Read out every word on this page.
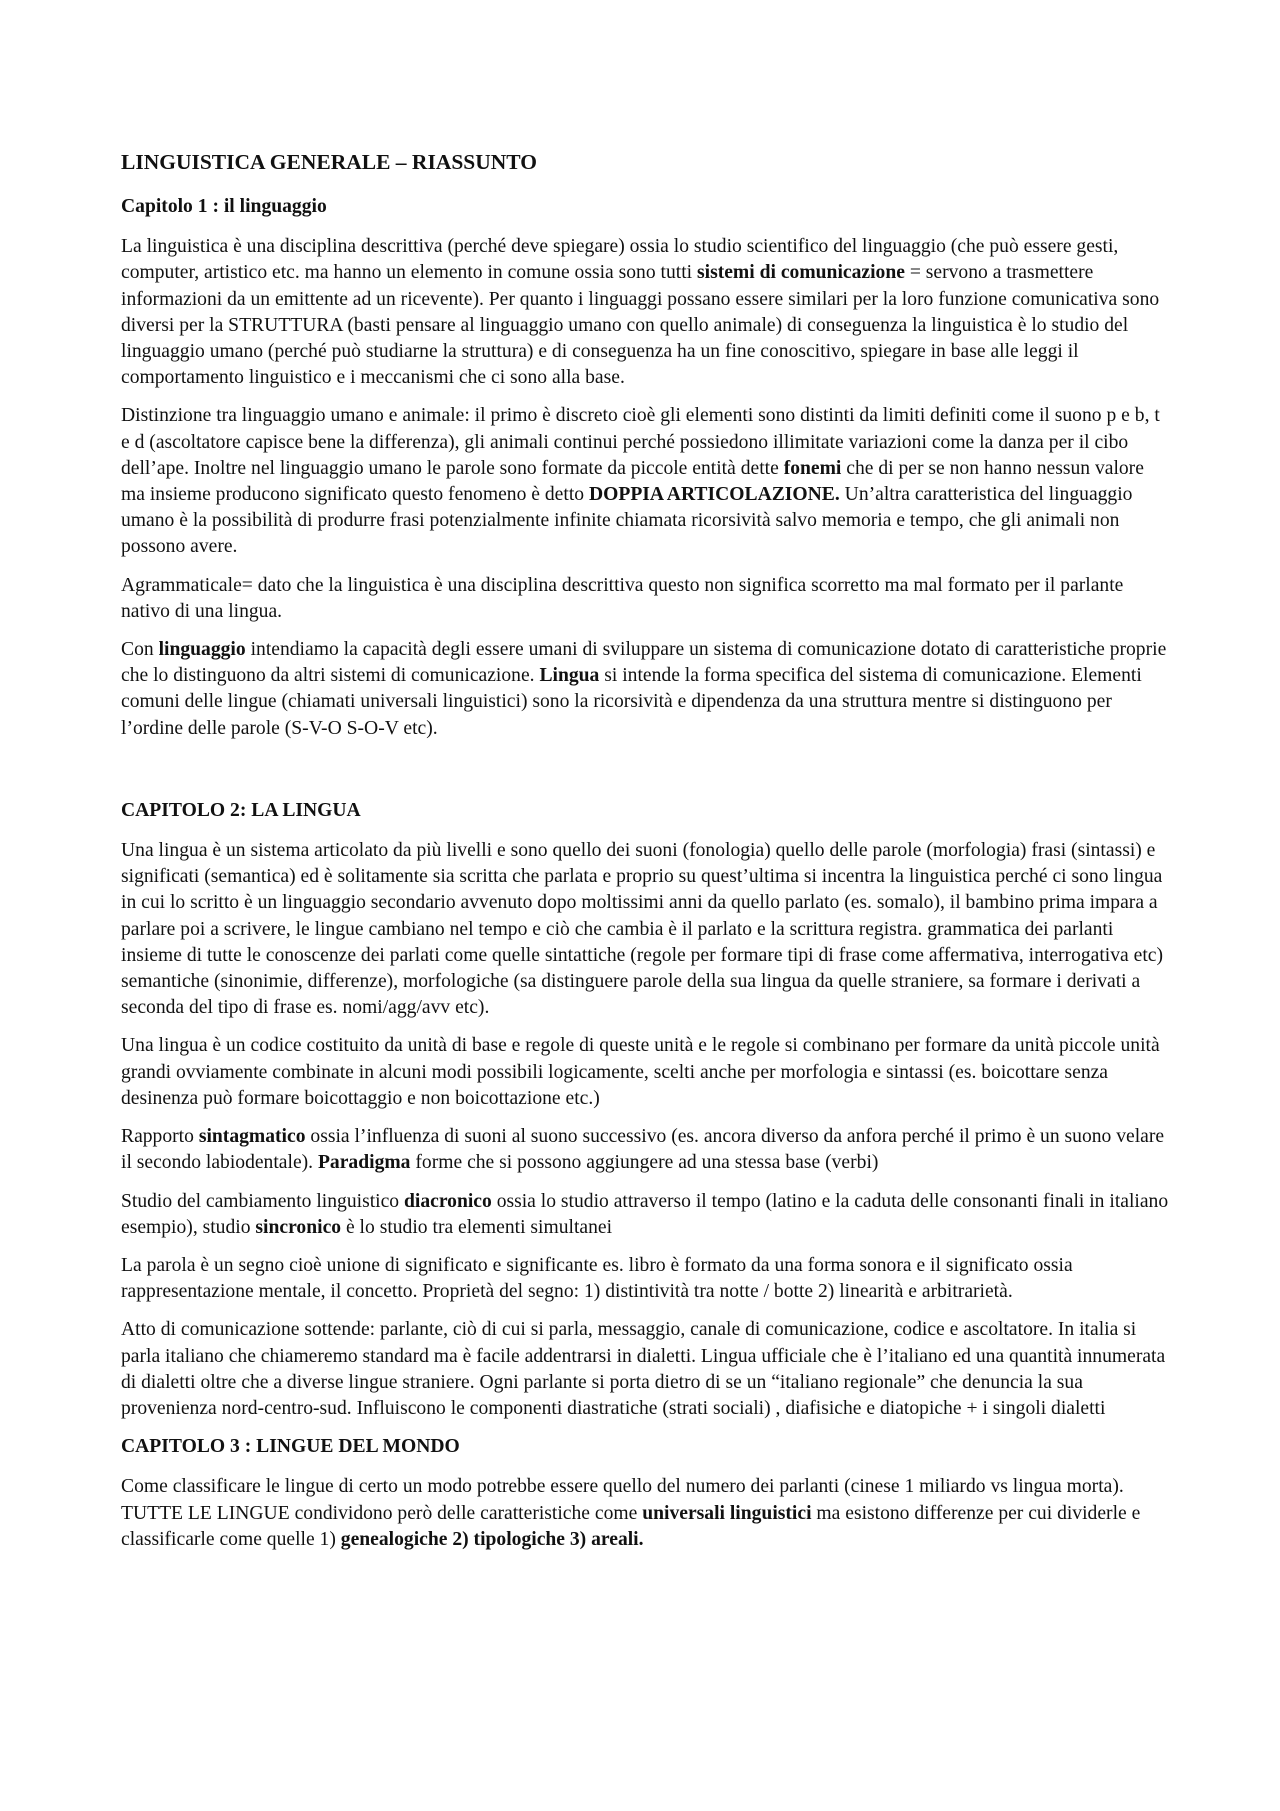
LINGUISTICA GENERALE – RIASSUNTO
Capitolo 1 : il linguaggio

La linguistica è una disciplina descrittiva (perché deve spiegare) ossia lo studio scientifico del linguaggio (che può essere gesti, computer, artistico etc. ma hanno un elemento in comune ossia sono tutti sistemi di comunicazione = servono a trasmettere informazioni da un emittente ad un ricevente). Per quanto i linguaggi possano essere similari per la loro funzione comunicativa sono diversi per la STRUTTURA (basti pensare al linguaggio umano con quello animale) di conseguenza la linguistica è lo studio del linguaggio umano (perché può studiarne la struttura) e di conseguenza ha un fine conoscitivo, spiegare in base alle leggi il comportamento linguistico e i meccanismi che ci sono alla base.

Distinzione tra linguaggio umano e animale: il primo è discreto cioè gli elementi sono distinti da limiti definiti come il suono p e b, t e d (ascoltatore capisce bene la differenza), gli animali continui perché possiedono illimitate variazioni come la danza per il cibo dell’ape. Inoltre nel linguaggio umano le parole sono formate da piccole entità dette fonemi che di per se non hanno nessun valore ma insieme producono significato questo fenomeno è detto DOPPIA ARTICOLAZIONE. Un’altra caratteristica del linguaggio umano è la possibilità di produrre frasi potenzialmente infinite chiamata ricorsività salvo memoria e tempo, che gli animali non possono avere.

Agrammaticale= dato che la linguistica è una disciplina descrittiva questo non significa scorretto ma mal formato per il parlante nativo di una lingua.

Con linguaggio intendiamo la capacità degli essere umani di sviluppare un sistema di comunicazione dotato di caratteristiche proprie che lo distinguono da altri sistemi di comunicazione. Lingua si intende la forma specifica del sistema di comunicazione. Elementi comuni delle lingue (chiamati universali linguistici) sono la ricorsività e dipendenza da una struttura mentre si distinguono per l’ordine delle parole (S-V-O S-O-V etc).

CAPITOLO 2: LA LINGUA

Una lingua è un sistema articolato da più livelli e sono quello dei suoni (fonologia) quello delle parole (morfologia) frasi (sintassi) e significati (semantica) ed è solitamente sia scritta che parlata e proprio su quest’ultima si incentra la linguistica perché ci sono lingua in cui lo scritto è un linguaggio secondario avvenuto dopo moltissimi anni da quello parlato (es. somalo), il bambino prima impara a parlare poi a scrivere, le lingue cambiano nel tempo e ciò che cambia è il parlato e la scrittura registra. grammatica dei parlanti insieme di tutte le conoscenze dei parlati come quelle sintattiche (regole per formare tipi di frase come affermativa, interrogativa etc) semantiche (sinonimie, differenze), morfologiche (sa distinguere parole della sua lingua da quelle straniere, sa formare i derivati a seconda del tipo di frase es. nomi/agg/avv etc).

Una lingua è un codice costituito da unità di base e regole di queste unità e le regole si combinano per formare da unità piccole unità grandi ovviamente combinate in alcuni modi possibili logicamente, scelti anche per morfologia e sintassi (es. boicottare senza desinenza può formare boicottaggio e non boicottazione etc.)

Rapporto sintagmatico ossia l’influenza di suoni al suono successivo (es. ancora diverso da anfora perché il primo è un suono velare il secondo labiodentale). Paradigma forme che si possono aggiungere ad una stessa base (verbi)

Studio del cambiamento linguistico diacronico ossia lo studio attraverso il tempo (latino e la caduta delle consonanti finali in italiano esempio), studio sincronico è lo studio tra elementi simultanei

La parola è un segno cioè unione di significato e significante es. libro è formato da una forma sonora e il significato ossia rappresentazione mentale, il concetto. Proprietà del segno: 1) distintività tra notte / botte 2) linearità e arbitrarietà.

Atto di comunicazione sottende: parlante, ciò di cui si parla, messaggio, canale di comunicazione, codice e ascoltatore. In italia si parla italiano che chiameremo standard ma è facile addentrarsi in dialetti. Lingua ufficiale che è l’italiano ed una quantità innumerata di dialetti oltre che a diverse lingue straniere. Ogni parlante si porta dietro di se un “italiano regionale” che denuncia la sua provenienza nord-centro-sud. Influiscono le componenti diastratiche (strati sociali) , diafisiche e diatopiche + i singoli dialetti

CAPITOLO 3 : LINGUE DEL MONDO

Come classificare le lingue di certo un modo potrebbe essere quello del numero dei parlanti (cinese 1 miliardo vs lingua morta). TUTTE LE LINGUE condividono però delle caratteristiche come universali linguistici ma esistono differenze per cui dividerle e classificarle come quelle 1) genealogiche 2) tipologiche 3) areali.
